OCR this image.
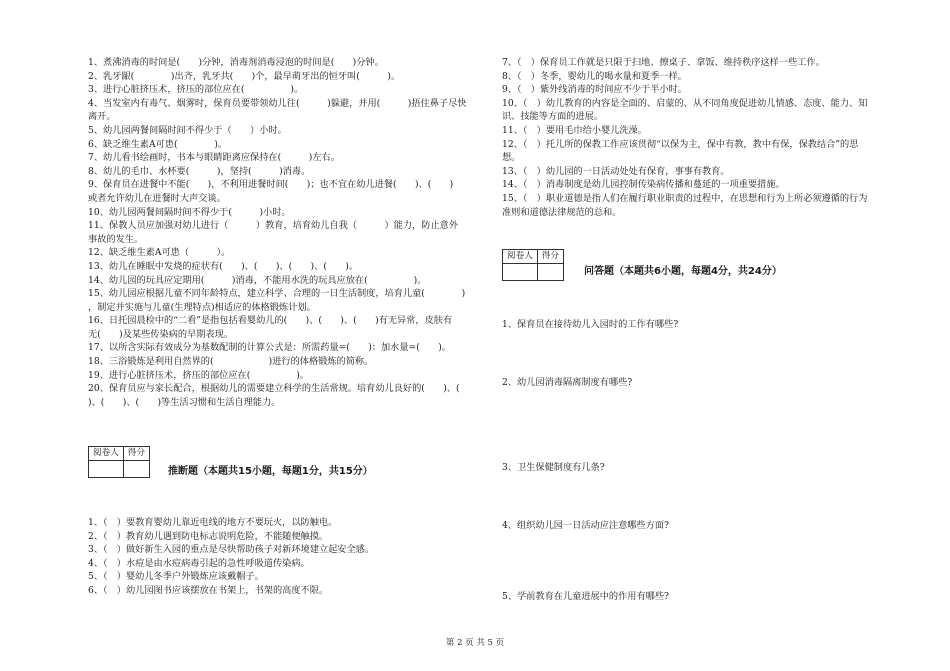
1、煮沸消毒的时间是(　　)分钟，消毒剂消毒浸泡的时间是(　　)分钟。
2、乳牙龈(　　　　)出齐，乳牙共(　　)个，最早萌牙出的恒牙叫(　　　)。
3、进行心脏挤压术，挤压的部位应在(　　　　　)。
4、当发室内有毒气、烟雾时，保育员要带领幼儿往(　　　)躲避，并用(　　　)捂住鼻子尽快
离开。
5、幼儿园两餐间隔时间不得少于（　　）小时。
6、缺乏维生素A可患(　　　　)。
7、幼儿看书绘画时，书本与眼睛距离应保持在(　　　)左右。
8、幼儿的毛巾、水杯要(　　　)，坚持(　　　)消毒。
9、保育员在进餐中不能(　　)，不利用进餐时间(　　)；也不宜在幼儿进餐(　　)、(　　)
或者允许幼儿在进餐时大声交谈。
10、幼儿园两餐间隔时间不得少于(　　　)小时。
11、保教人员应加强对幼儿进行（　　　）教育，培育幼儿自我（　　　）能力，防止意外
事故的发生。
12、缺乏维生素A可患（　　　）。
13、幼儿在睡眠中发烧的症状有(　　)、(　　)、(　　)、(　　)。
14、幼儿园的玩具应定期用(　　　)消毒，不能用水洗的玩具应放在(　　　　　)。
15、幼儿园应根据儿童不同年龄特点，建立科学、合理的一日生活制度，培育儿童(　　　　)
，制定并实施与儿童(生理特点)相适应的体格锻炼计划。
16、日托园晨检中的“二看”是指包括看婴幼儿的(　　)、(　　)、(　　)有无异常，皮肤有
无(　　)及某些传染病的早期表现。
17、以所含实际有效成分为基数配制的计算公式是：所需药量=(　　)：加水量=(　　)。
18、三浴锻炼是利用自然界的(　　　　　　)进行的体格锻炼的简称。
19、进行心脏挤压术，挤压的部位应在(　　　　　)。
20、保育员应与家长配合，根据幼儿的需要建立科学的生活常规。培育幼儿良好的(　　)、(　　
)、(　　)、(　　)等生活习惯和生活自理能力。
阅卷人	得分

推断题（本题共15小题，每题1分，共15分）
1、（　）要教育婴幼儿靠近电线的地方不要玩火，以防触电。
2、（　）教育幼儿遇到防电标志说明危险，不能随便触摸。
3、（　）做好新生入园的重点是尽快帮助孩子对新环境建立起安全感。
4、（　）水痘是由水痘病毒引起的急性呼吸道传染病。
5、（　）婴幼儿冬季户外锻炼应该戴帽子。
6、（　）幼儿园图书应该摆放在书架上，书架的高度不限。
7、（　）保育员工作就是只限于扫地、擦桌子、拿饭、维持秩序这样一些工作。
8、（　）冬季，婴幼儿的喝水量和夏季一样。
9、（　）紫外线消毒的时间应不少于半小时。
10、（　）幼儿教育的内容是全面的、启蒙的、从不同角度促进幼儿情感、态度、能力、知
识、技能等方面的进展。
11、（　）要用毛巾给小婴儿洗澡。
12、（　）托儿所的保教工作应该贯彻“以保为主，保中有教，教中有保，保教结合”的思
想。
13、（　）幼儿园的一日活动处处有保育，事事有教育。
14、（　）消毒制度是幼儿园控制传染病传播和蔓延的一项重要措施。
15、（　）职业道德是指人们在履行职业职责的过程中，在思想和行为上所必须遵循的行为
准则和道德法律规范的总和。
阅卷人	得分

问答题（本题共6小题，每题4分，共24分）
1、保育员在接待幼儿入园时的工作有哪些?
2、幼儿园消毒隔离制度有哪些?
3、卫生保健制度有几条?
4、组织幼儿园一日活动应注意哪些方面?
5、学前教育在儿童进展中的作用有哪些?
第 2 页 共 5 页
